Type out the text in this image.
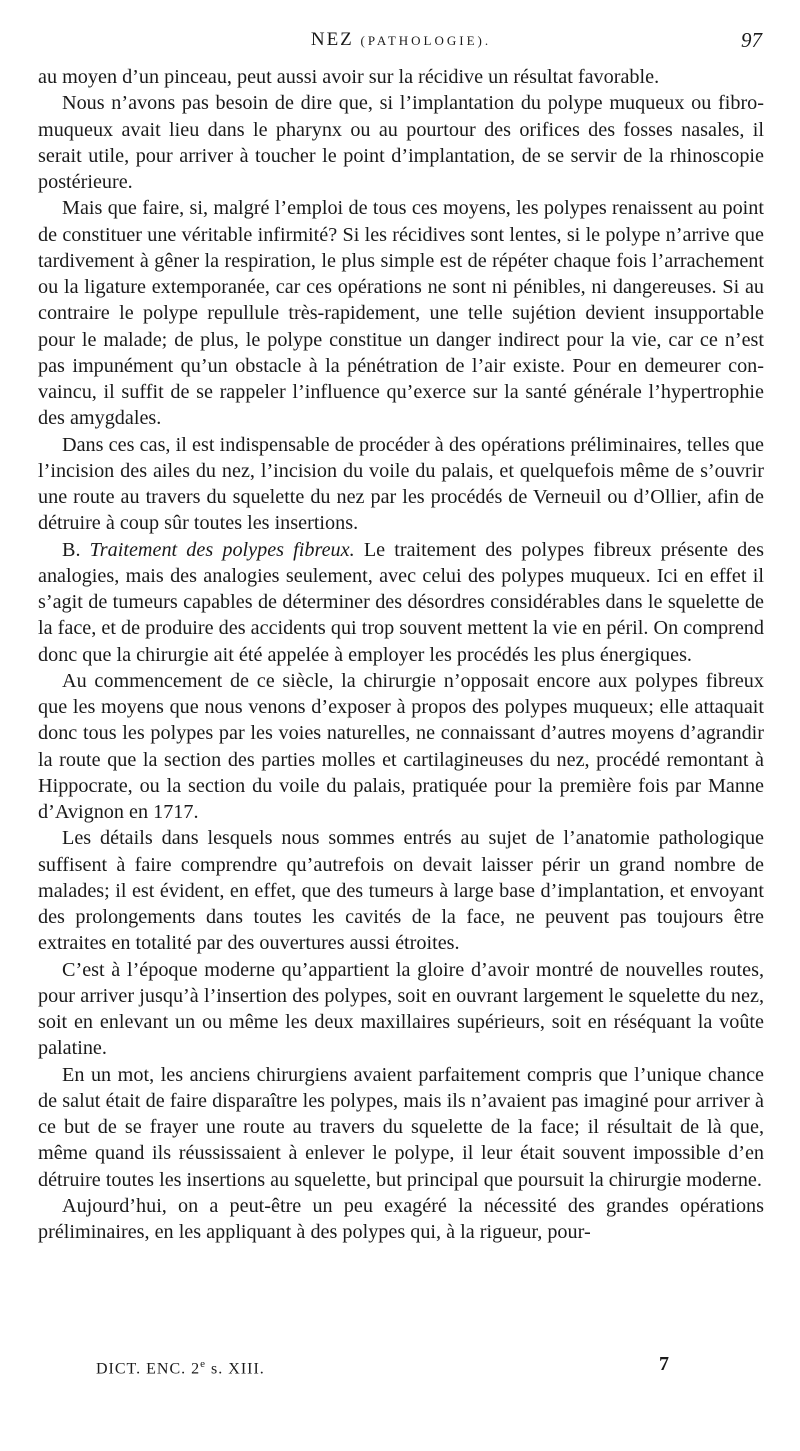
NEZ (PATHOLOGIE).	97

au moyen d’un pinceau, peut aussi avoir sur la récidive un résultat favorable.

Nous n’avons pas besoin de dire que, si l’implantation du polype muqueux ou fibro-muqueux avait lieu dans le pharynx ou au pourtour des orifices des fosses nasales, il serait utile, pour arriver à toucher le point d’implantation, de se servir de la rhinoscopie postérieure.

Mais que faire, si, malgré l’emploi de tous ces moyens, les polypes renaissent au point de constituer une véritable infirmité? Si les récidives sont lentes, si le polype n’arrive que tardivement à gêner la respiration, le plus simple est de répéter chaque fois l’arrachement ou la ligature extemporanée, car ces opérations ne sont ni pénibles, ni dangereuses. Si au contraire le polype repullule très-rapidement, une telle sujétion devient insupportable pour le malade; de plus, le polype constitue un danger indirect pour la vie, car ce n’est pas impunément qu’un obstacle à la pénétration de l’air existe. Pour en demeurer convaincu, il suffit de se rappeler l’influence qu’exerce sur la santé générale l’hypertrophie des amygdales.

Dans ces cas, il est indispensable de procéder à des opérations préliminaires, telles que l’incision des ailes du nez, l’incision du voile du palais, et quelquefois même de s’ouvrir une route au travers du squelette du nez par les procédés de Verneuil ou d’Ollier, afin de détruire à coup sûr toutes les insertions.

B. Traitement des polypes fibreux. Le traitement des polypes fibreux présente des analogies, mais des analogies seulement, avec celui des polypes muqueux. Ici en effet il s’agit de tumeurs capables de déterminer des désordres considérables dans le squelette de la face, et de produire des accidents qui trop souvent mettent la vie en péril. On comprend donc que la chirurgie ait été appelée à employer les procédés les plus énergiques.

Au commencement de ce siècle, la chirurgie n’opposait encore aux polypes fibreux que les moyens que nous venons d’exposer à propos des polypes muqueux; elle attaquait donc tous les polypes par les voies naturelles, ne connaissant d’autres moyens d’agrandir la route que la section des parties molles et cartilagineuses du nez, procédé remontant à Hippocrate, ou la section du voile du palais, pratiquée pour la première fois par Manne d’Avignon en 1717.

Les détails dans lesquels nous sommes entrés au sujet de l’anatomie pathologique suffisent à faire comprendre qu’autrefois on devait laisser périr un grand nombre de malades; il est évident, en effet, que des tumeurs à large base d’implantation, et envoyant des prolongements dans toutes les cavités de la face, ne peuvent pas toujours être extraites en totalité par des ouvertures aussi étroites.

C’est à l’époque moderne qu’appartient la gloire d’avoir montré de nouvelles routes, pour arriver jusqu’à l’insertion des polypes, soit en ouvrant largement le squelette du nez, soit en enlevant un ou même les deux maxillaires supérieurs, soit en réséquant la voûte palatine.

En un mot, les anciens chirurgiens avaient parfaitement compris que l’unique chance de salut était de faire disparaître les polypes, mais ils n’avaient pas imaginé pour arriver à ce but de se frayer une route au travers du squelette de la face; il résultait de là que, même quand ils réussissaient à enlever le polype, il leur était souvent impossible d’en détruire toutes les insertions au squelette, but principal que poursuit la chirurgie moderne.

Aujourd’hui, on a peut-être un peu exagéré la nécessité des grandes opérations préliminaires, en les appliquant à des polypes qui, à la rigueur, pour-

DICT. ENC. 2e s. XIII.	7
